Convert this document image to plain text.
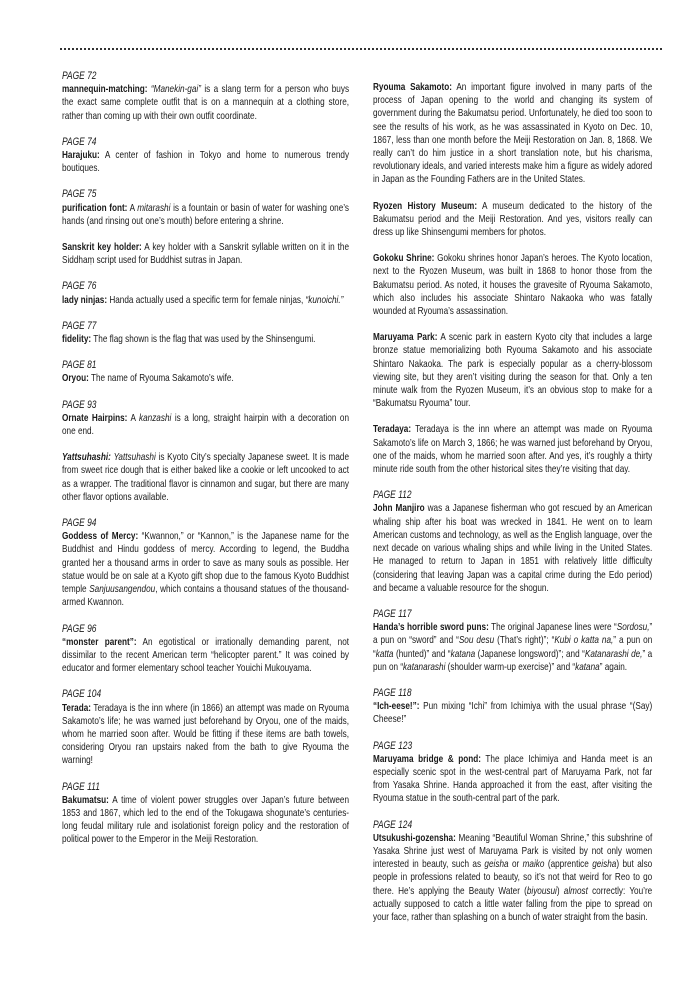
PAGE 72
mannequin-matching: “Manekin-gai” is a slang term for a person who buys the exact same complete outfit that is on a mannequin at a clothing store, rather than coming up with their own outfit coordinate.
PAGE 74
Harajuku: A center of fashion in Tokyo and home to numerous trendy boutiques.
PAGE 75
purification font: A mitarashi is a fountain or basin of water for washing one’s hands (and rinsing out one’s mouth) before entering a shrine.
Sanskrit key holder: A key holder with a Sanskrit syllable written on it in the Siddhaṃ script used for Buddhist sutras in Japan.
PAGE 76
lady ninjas: Handa actually used a specific term for female ninjas, “kunoichi.”
PAGE 77
fidelity: The flag shown is the flag that was used by the Shinsengumi.
PAGE 81
Oryou: The name of Ryouma Sakamoto’s wife.
PAGE 93
Ornate Hairpins: A kanzashi is a long, straight hairpin with a decoration on one end.
Yattsuhashi: Yattsuhashi is Kyoto City’s specialty Japanese sweet. It is made from sweet rice dough that is either baked like a cookie or left uncooked to act as a wrapper. The traditional flavor is cinnamon and sugar, but there are many other flavor options available.
PAGE 94
Goddess of Mercy: “Kwannon,” or “Kannon,” is the Japanese name for the Buddhist and Hindu goddess of mercy. According to legend, the Buddha granted her a thousand arms in order to save as many souls as possible. Her statue would be on sale at a Kyoto gift shop due to the famous Kyoto Buddhist temple Sanjuusangendou, which contains a thousand statues of the thousand-armed Kwannon.
PAGE 96
“monster parent”: An egotistical or irrationally demanding parent, not dissimilar to the recent American term “helicopter parent.” It was coined by educator and former elementary school teacher Youichi Mukouyama.
PAGE 104
Terada: Teradaya is the inn where (in 1866) an attempt was made on Ryouma Sakamoto’s life; he was warned just beforehand by Oryou, one of the maids, whom he married soon after. Would be fitting if these items are bath towels, considering Oryou ran upstairs naked from the bath to give Ryouma the warning!
PAGE 111
Bakumatsu: A time of violent power struggles over Japan’s future between 1853 and 1867, which led to the end of the Tokugawa shogunate’s centuries-long feudal military rule and isolationist foreign policy and the restoration of political power to the Emperor in the Meiji Restoration.
Ryouma Sakamoto: An important figure involved in many parts of the process of Japan opening to the world and changing its system of government during the Bakumatsu period. Unfortunately, he died too soon to see the results of his work, as he was assassinated in Kyoto on Dec. 10, 1867, less than one month before the Meiji Restoration on Jan. 8, 1868. We really can’t do him justice in a short translation note, but his charisma, revolutionary ideals, and varied interests make him a figure as widely adored in Japan as the Founding Fathers are in the United States.
Ryozen History Museum: A museum dedicated to the history of the Bakumatsu period and the Meiji Restoration. And yes, visitors really can dress up like Shinsengumi members for photos.
Gokoku Shrine: Gokoku shrines honor Japan’s heroes. The Kyoto location, next to the Ryozen Museum, was built in 1868 to honor those from the Bakumatsu period. As noted, it houses the gravesite of Ryouma Sakamoto, which also includes his associate Shintaro Nakaoka who was fatally wounded at Ryouma’s assassination.
Maruyama Park: A scenic park in eastern Kyoto city that includes a large bronze statue memorializing both Ryouma Sakamoto and his associate Shintaro Nakaoka. The park is especially popular as a cherry-blossom viewing site, but they aren’t visiting during the season for that. Only a ten minute walk from the Ryozen Museum, it’s an obvious stop to make for a “Bakumatsu Ryouma” tour.
Teradaya: Teradaya is the inn where an attempt was made on Ryouma Sakamoto’s life on March 3, 1866; he was warned just beforehand by Oryou, one of the maids, whom he married soon after. And yes, it’s roughly a thirty minute ride south from the other historical sites they’re visiting that day.
PAGE 112
John Manjiro was a Japanese fisherman who got rescued by an American whaling ship after his boat was wrecked in 1841. He went on to learn American customs and technology, as well as the English language, over the next decade on various whaling ships and while living in the United States. He managed to return to Japan in 1851 with relatively little difficulty (considering that leaving Japan was a capital crime during the Edo period) and became a valuable resource for the shogun.
PAGE 117
Handa’s horrible sword puns: The original Japanese lines were “Sordosu,” a pun on “sword” and “Sou desu (That’s right)”; “Kubi o katta na,” a pun on “katta (hunted)” and “katana (Japanese longsword)”; and “Katanarashi de,” a pun on “katanarashi (shoulder warm-up exercise)” and “katana” again.
PAGE 118
“Ich-eese!”: Pun mixing “Ichi” from Ichimiya with the usual phrase “(Say) Cheese!”
PAGE 123
Maruyama bridge & pond: The place Ichimiya and Handa meet is an especially scenic spot in the west-central part of Maruyama Park, not far from Yasaka Shrine. Handa approached it from the east, after visiting the Ryouma statue in the south-central part of the park.
PAGE 124
Utsukushi-gozensha: Meaning “Beautiful Woman Shrine,” this subshrine of Yasaka Shrine just west of Maruyama Park is visited by not only women interested in beauty, such as geisha or maiko (apprentice geisha) but also people in professions related to beauty, so it’s not that weird for Reo to go there. He’s applying the Beauty Water (biyousui) almost correctly: You’re actually supposed to catch a little water falling from the pipe to spread on your face, rather than splashing on a bunch of water straight from the basin.
